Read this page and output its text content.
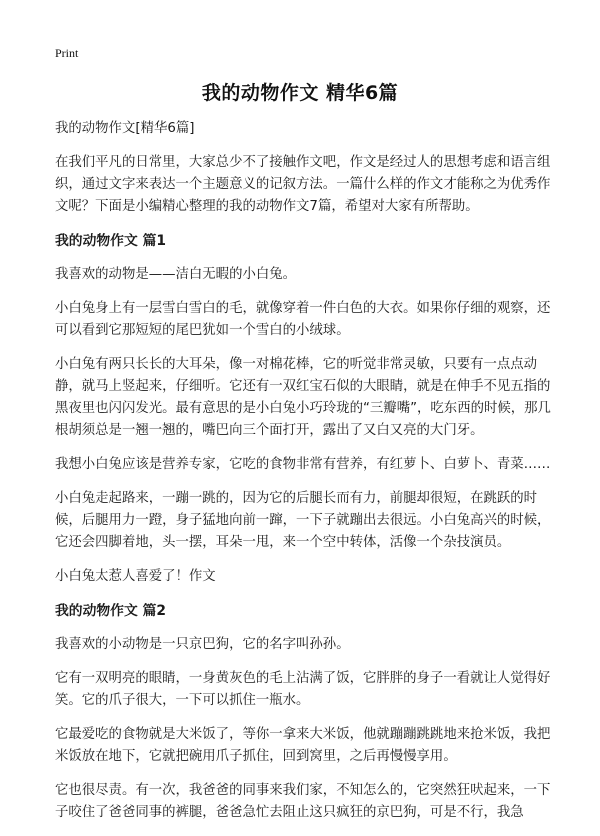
Print
我的动物作文 精华6篇

我的动物作文[精华6篇]

在我们平凡的日常里，大家总少不了接触作文吧，作文是经过人的思想考虑和语言组织，通过文字来表达一个主题意义的记叙方法。一篇什么样的作文才能称之为优秀作文呢？下面是小编精心整理的我的动物作文7篇，希望对大家有所帮助。

我的动物作文 篇1

我喜欢的动物是——洁白无暇的小白兔。

小白兔身上有一层雪白雪白的毛，就像穿着一件白色的大衣。如果你仔细的观察，还可以看到它那短短的尾巴犹如一个雪白的小绒球。

小白兔有两只长长的大耳朵，像一对棉花棒，它的听觉非常灵敏，只要有一点点动静，就马上竖起来，仔细听。它还有一双红宝石似的大眼睛，就是在伸手不见五指的黑夜里也闪闪发光。最有意思的是小白兔小巧玲珑的“三瓣嘴”，吃东西的时候，那几根胡须总是一翘一翘的，嘴巴向三个面打开，露出了又白又亮的大门牙。

我想小白兔应该是营养专家，它吃的食物非常有营养，有红萝卜、白萝卜、青菜……

小白兔走起路来，一蹦一跳的，因为它的后腿长而有力，前腿却很短，在跳跃的时候，后腿用力一蹬，身子猛地向前一蹿，一下子就蹦出去很远。小白兔高兴的时候，它还会四脚着地，头一摆，耳朵一甩，来一个空中转体，活像一个杂技演员。

小白兔太惹人喜爱了！作文

我的动物作文 篇2

我喜欢的小动物是一只京巴狗，它的名字叫孙孙。

它有一双明亮的眼睛，一身黄灰色的毛上沾满了饭，它胖胖的身子一看就让人觉得好笑。它的爪子很大，一下可以抓住一瓶水。

它最爱吃的食物就是大米饭了，等你一拿来大米饭，他就蹦蹦跳跳地来抢米饭，我把米饭放在地下，它就把碗用爪子抓住，回到窝里，之后再慢慢享用。

它也很尽责。有一次，我爸爸的同事来我们家，不知怎么的，它突然狂吠起来，一下子咬住了爸爸同事的裤腿，爸爸急忙去阻止这只疯狂的京巴狗，可是不行，我急
